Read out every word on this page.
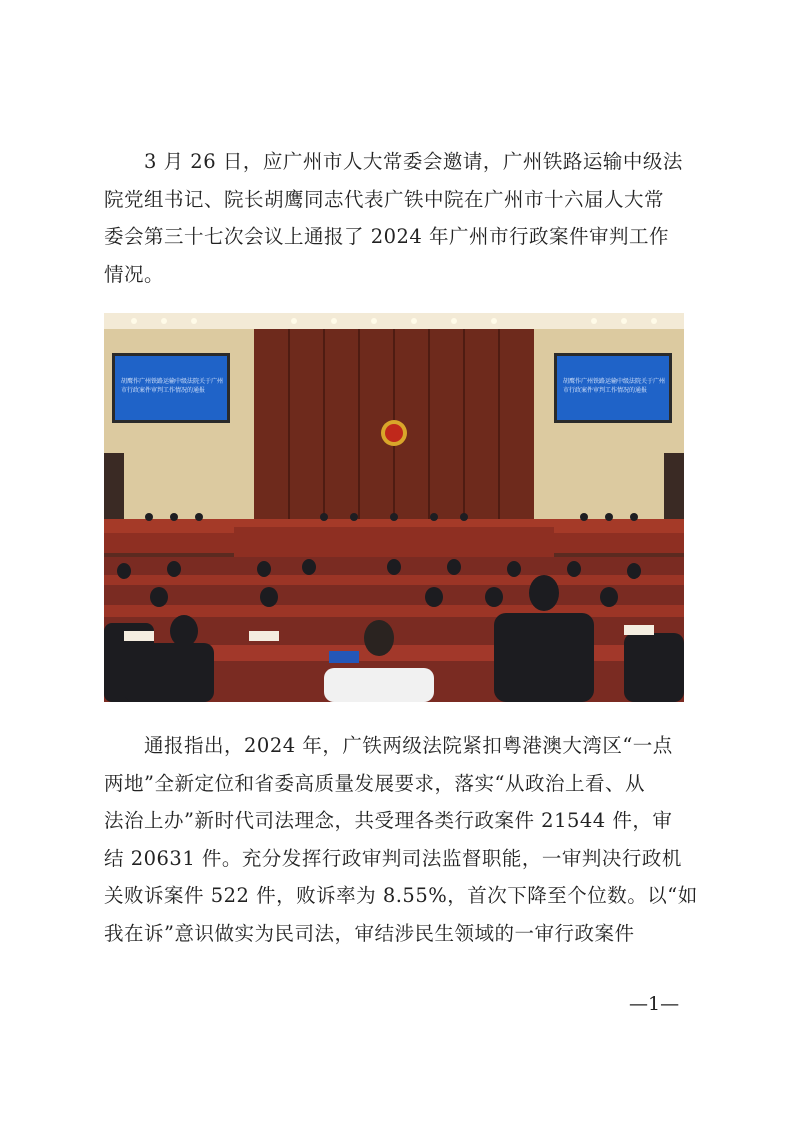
3 月 26 日，应广州市人大常委会邀请，广州铁路运输中级法
院党组书记、院长胡鹰同志代表广铁中院在广州市十六届人大常
委会第三十七次会议上通报了 2024 年广州市行政案件审判工作
情况。
胡鹰作广州铁路运输中级法院关于广州
市行政案件审判工作情况的通报
胡鹰作广州铁路运输中级法院关于广州
市行政案件审判工作情况的通报
通报指出，2024 年，广铁两级法院紧扣粤港澳大湾区“一点
两地”全新定位和省委高质量发展要求，落实“从政治上看、从
法治上办”新时代司法理念，共受理各类行政案件 21544 件，审
结 20631 件。充分发挥行政审判司法监督职能，一审判决行政机
关败诉案件 522 件，败诉率为 8.55%，首次下降至个位数。以“如
我在诉”意识做实为民司法，审结涉民生领域的一审行政案件
—1—
